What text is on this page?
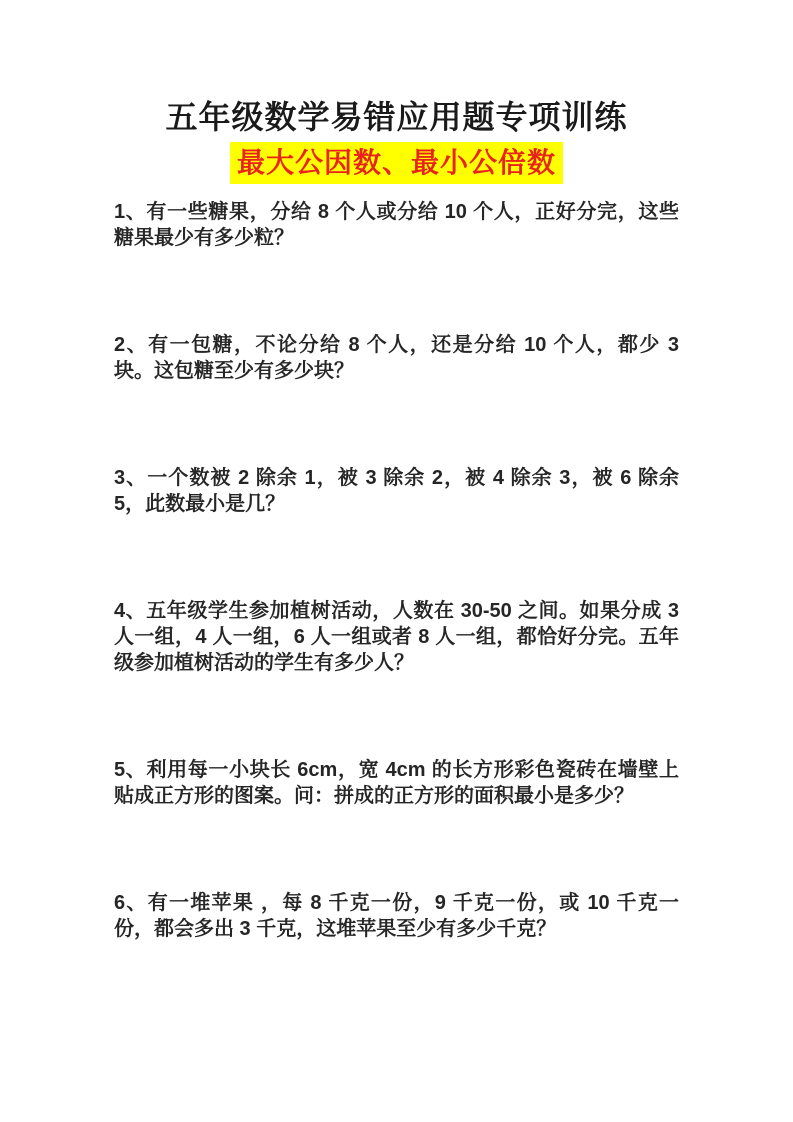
五年级数学易错应用题专项训练
最大公因数、最小公倍数

1、有一些糖果，分给 8 个人或分给 10 个人，正好分完，这些糖果最少有多少粒？

2、有一包糖，不论分给 8 个人，还是分给 10 个人，都少 3 块。这包糖至少有多少块？

3、一个数被 2 除余 1，被 3 除余 2，被 4 除余 3，被 6 除余 5，此数最小是几？

4、五年级学生参加植树活动，人数在 30-50 之间。如果分成 3 人一组，4 人一组，6 人一组或者 8 人一组，都恰好分完。五年级参加植树活动的学生有多少人？

5、利用每一小块长 6cm，宽 4cm 的长方形彩色瓷砖在墙壁上贴成正方形的图案。问：拼成的正方形的面积最小是多少？

6、有一堆苹果 ，每 8 千克一份，9 千克一份，或 10 千克一份，都会多出 3 千克，这堆苹果至少有多少千克？
